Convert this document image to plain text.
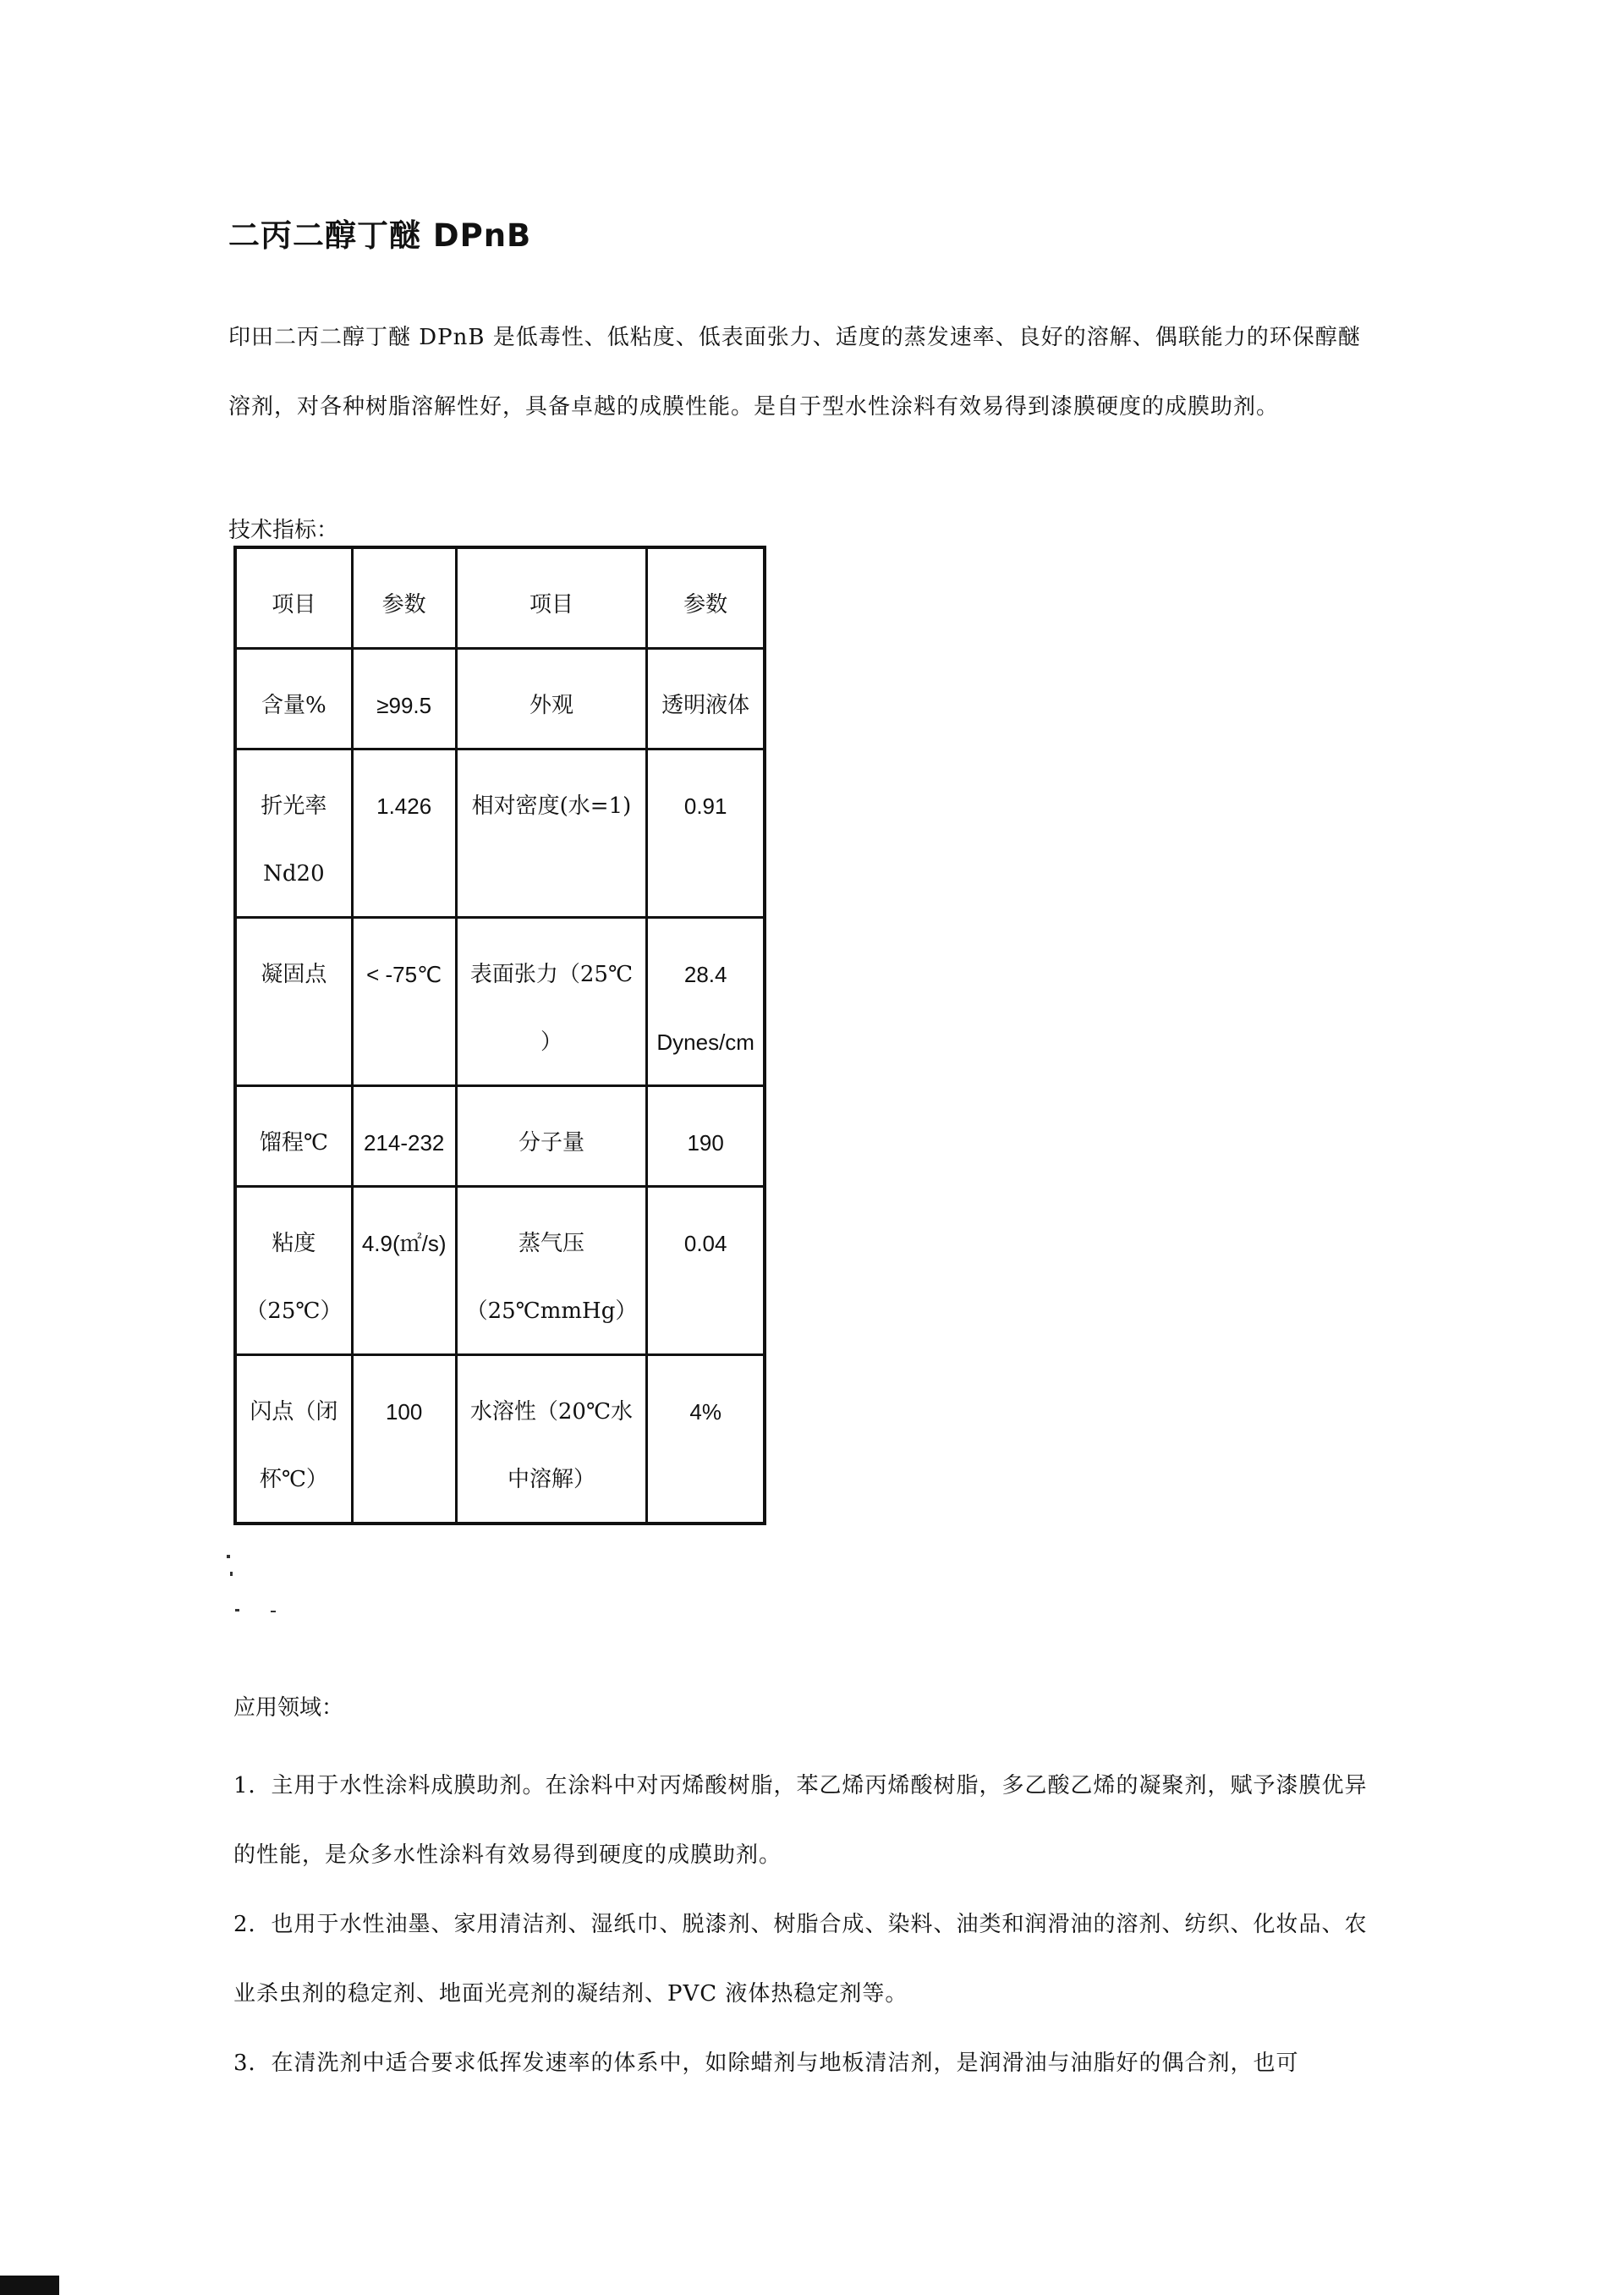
二丙二醇丁醚 DPnB
印田二丙二醇丁醚 DPnB 是低毒性、低粘度、低表面张力、适度的蒸发速率、良好的溶解、偶联能力的环保醇醚溶剂，对各种树脂溶解性好，具备卓越的成膜性能。是自于型水性涂料有效易得到漆膜硬度的成膜助剂。
技术指标：
项目	参数	项目	参数
含量%	≥99.5	外观	透明液体
折光率 Nd20	1.426	相对密度(水=1)	0.91
凝固点	< -75℃	表面张力（25℃ ）	28.4 Dynes/cm
馏程℃	214-232	分子量	190
粘度（25℃）	4.9(㎡/s)	蒸气压（25℃mmHg）	0.04
闪点（闭杯℃）	100	水溶性（20℃水中溶解）	4%
应用领域：
1．主用于水性涂料成膜助剂。在涂料中对丙烯酸树脂，苯乙烯丙烯酸树脂，多乙酸乙烯的凝聚剂，赋予漆膜优异的性能，是众多水性涂料有效易得到硬度的成膜助剂。
2．也用于水性油墨、家用清洁剂、湿纸巾、脱漆剂、树脂合成、染料、油类和润滑油的溶剂、纺织、化妆品、农业杀虫剂的稳定剂、地面光亮剂的凝结剂、PVC 液体热稳定剂等。
3．在清洗剂中适合要求低挥发速率的体系中，如除蜡剂与地板清洁剂，是润滑油与油脂好的偶合剂，也可
